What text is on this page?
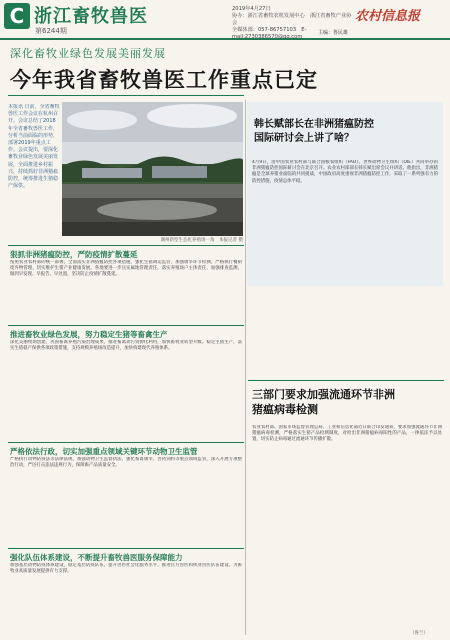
C 浙江畜牧兽医
第6244期
2019年4月27日
协办：浙江省畜牧农机发展中心　浙江省畜牧产业协会
全媒体部：057-86757103　E-mail:2730386570@qq.com
农村信息报
主编：鲁民雄
深化畜牧业绿色发展美丽发展
今年我省畜牧兽医工作重点已定
本报讯 日前，全省畜牧兽医工作会议在杭州召开。会议总结了2018年全省畜牧兽医工作，分析当前面临的形势，部署2019年重点工作。会议提出，要深化畜牧业绿色发展美丽发展，全面推进乡村振兴，持续抓好非洲猪瘟防控，统筹推进生猪稳产保供。
湖州新型生态化养殖场一角　本报记者 摄
狠抓非洲猪瘟防控，严防疫情扩散蔓延
按照农业农村部的统一部署，全面落实非洲猪瘟防控各项措施，强化生猪调运监管，加强屠宰环节检测，严格执行餐厨废弃物管理，切实维护生猪产业健康发展。各地要进一步压实属地管理责任，落实养殖场户主体责任，加强排查监测，做到早发现、早报告、早处置，坚决防止疫情扩散蔓延。
推进畜牧业绿色发展，努力稳定生猪等畜禽生产
深化美丽牧场创建，巩固畜禽养殖污染治理成果，推进畜禽粪污资源化利用，加快畜牧业转型升级。稳定生猪生产，落实生猪稳产保供各项政策措施，支持规模养殖场改造提升，加快构建现代养殖体系。
严格依法行政，切实加强重点领域关键环节动物卫生监管
严格执行动物防疫法等法律法规，加强动物卫生监督执法，强化畜禽屠宰、兽药饲料等重点领域监管，深入开展专项整治行动，严厉打击违法违规行为，保障畜产品质量安全。
强化队伍体系建设，不断提升畜牧兽医服务保障能力
加强基层动物防疫体系建设，稳定基层防疫队伍，提升兽医社会化服务水平，推进官方兽医和执业兽医队伍建设，为畜牧业高质量发展提供有力支撑。
韩长赋部长在非洲猪瘟防控国际研讨会上讲了啥？
4月9日，由中国农业农村部与联合国粮农组织（FAO）、世界动物卫生组织（OIE）共同举办的非洲猪瘟防控国际研讨会在北京召开。农业农村部部长韩长赋出席会议并讲话。他指出，非洲猪瘟是全球养猪业面临的共同挑战，中国政府高度重视非洲猪瘟防控工作，采取了一系列强有力的防控措施，疫情总体平稳。
三部门要求加强流通环节非洲猪瘟病毒检测
农业农村部、国家市场监督管理总局、工业和信息化部近日联合印发通知，要求加强流通环节非洲猪瘟病毒检测，严格落实生猪产品检测制度，对检出非洲猪瘟病毒阳性的产品，一律依法予以处置，切实防止病毒通过流通环节传播扩散。
（鲁兰）
